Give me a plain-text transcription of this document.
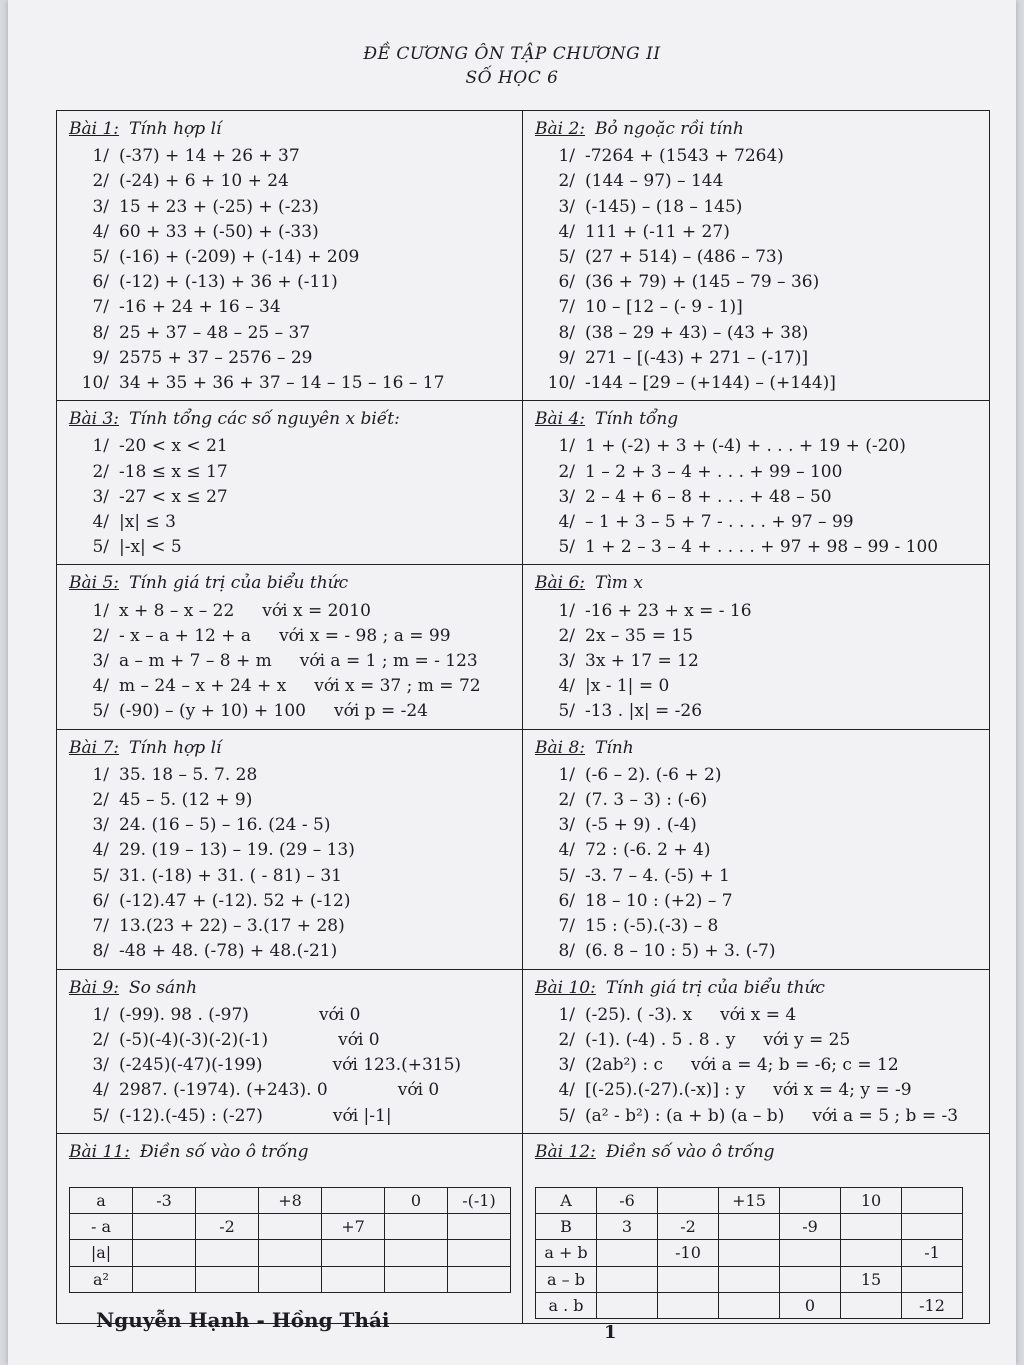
ĐỀ CƯƠNG ÔN TẬP CHƯƠNG II
SỐ HỌC 6
Bài 1: Tính hợp lí
1/ (-37) + 14 + 26 + 37
2/ (-24) + 6 + 10 + 24
3/ 15 + 23 + (-25) + (-23)
4/ 60 + 33 + (-50) + (-33)
5/ (-16) + (-209) + (-14) + 209
6/ (-12) + (-13) + 36 + (-11)
7/ -16 + 24 + 16 – 34
8/ 25 + 37 – 48 – 25 – 37
9/ 2575 + 37 – 2576 – 29
10/ 34 + 35 + 36 + 37 – 14 – 15 – 16 – 17
Bài 2: Bỏ ngoặc rồi tính
1/ -7264 + (1543 + 7264)
2/ (144 – 97) – 144
3/ (-145) – (18 – 145)
4/ 111 + (-11 + 27)
5/ (27 + 514) – (486 – 73)
6/ (36 + 79) + (145 – 79 – 36)
7/ 10 – [12 – (- 9 - 1)]
8/ (38 – 29 + 43) – (43 + 38)
9/ 271 – [(-43) + 271 – (-17)]
10/ -144 – [29 – (+144) – (+144)]
Bài 3: Tính tổng các số nguyên x biết:
1/ -20 < x < 21
2/ -18 ≤ x ≤ 17
3/ -27 < x ≤ 27
4/ |x| ≤ 3
5/ |-x| < 5
Bài 4: Tính tổng
1/ 1 + (-2) + 3 + (-4) + . . . + 19 + (-20)
2/ 1 – 2 + 3 – 4 + . . . + 99 – 100
3/ 2 – 4 + 6 – 8 + . . . + 48 – 50
4/ – 1 + 3 – 5 + 7 - . . . . + 97 – 99
5/ 1 + 2 – 3 – 4 + . . . . + 97 + 98 – 99 - 100
Bài 5: Tính giá trị của biểu thức
1/ x + 8 – x – 22 với x = 2010
2/ - x – a + 12 + a với x = - 98 ; a = 99
3/ a – m + 7 – 8 + m với a = 1 ; m = - 123
4/ m – 24 – x + 24 + x với x = 37 ; m = 72
5/ (-90) – (y + 10) + 100 với p = -24
Bài 6: Tìm x
1/ -16 + 23 + x = - 16
2/ 2x – 35 = 15
3/ 3x + 17 = 12
4/ |x - 1| = 0
5/ -13 . |x| = -26
Bài 7: Tính hợp lí
1/ 35. 18 – 5. 7. 28
2/ 45 – 5. (12 + 9)
3/ 24. (16 – 5) – 16. (24 - 5)
4/ 29. (19 – 13) – 19. (29 – 13)
5/ 31. (-18) + 31. ( - 81) – 31
6/ (-12).47 + (-12). 52 + (-12)
7/ 13.(23 + 22) – 3.(17 + 28)
8/ -48 + 48. (-78) + 48.(-21)
Bài 8: Tính
1/ (-6 – 2). (-6 + 2)
2/ (7. 3 – 3) : (-6)
3/ (-5 + 9) . (-4)
4/ 72 : (-6. 2 + 4)
5/ -3. 7 – 4. (-5) + 1
6/ 18 – 10 : (+2) – 7
7/ 15 : (-5).(-3) – 8
8/ (6. 8 – 10 : 5) + 3. (-7)
Bài 9: So sánh
1/ (-99). 98 . (-97)	với 0
2/ (-5)(-4)(-3)(-2)(-1)	với 0
3/ (-245)(-47)(-199)	với 123.(+315)
4/ 2987. (-1974). (+243). 0	với 0
5/ (-12).(-45) : (-27)	với |-1|
Bài 10: Tính giá trị của biểu thức
1/ (-25). ( -3). x với x = 4
2/ (-1). (-4) . 5 . 8 . y với y = 25
3/ (2ab²) : c với a = 4; b = -6; c = 12
4/ [(-25).(-27).(-x)] : y với x = 4; y = -9
5/ (a² - b²) : (a + b) (a – b) với a = 5 ; b = -3
Bài 11: Điền số vào ô trống
a	-3		+8		0	-(-1)
- a		-2		+7		
|a|						
a²						
Bài 12: Điền số vào ô trống
A	-6		+15		10	
B	3	-2		-9		
a + b		-10				-1
a – b					15	
a . b				0		-12
Nguyễn Hạnh - Hồng Thái
1
